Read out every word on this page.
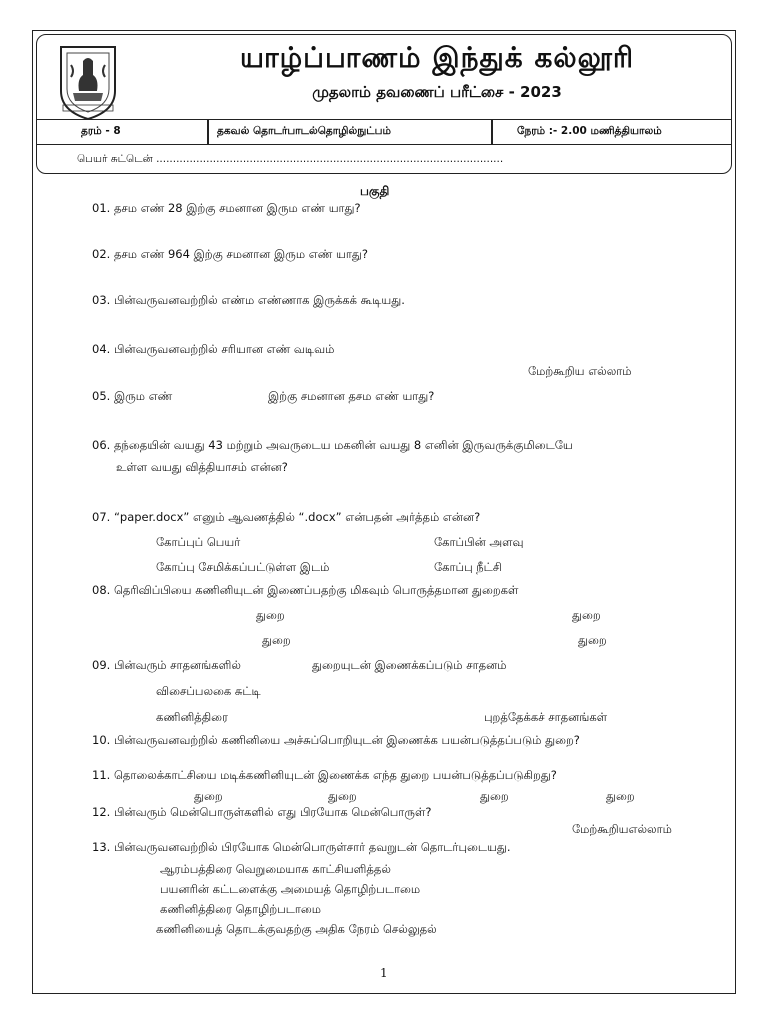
யாழ்ப்பாணம் இந்துக் கல்லூரி
முதலாம் தவணைப் பரீட்சை - 2023
தரம் - 8	தகவல் தொடர்பாடல்தொழில்நுட்பம்	நேரம் :- 2.00 மணித்தியாலம்
பெயர் சுட்டென் ........................................................................................................
பகுதி
01. தசம எண் 28 இற்கு சமனான இரும எண் யாது?
02. தசம எண் 964 இற்கு சமனான இரும எண் யாது?
03. பின்வருவனவற்றில் எண்ம எண்ணாக இருக்கக் கூடியது.
04. பின்வருவனவற்றில் சரியான எண் வடிவம்
மேற்கூறிய எல்லாம்
05. இரும எண்	இற்கு சமனான தசம எண் யாது?
06. தந்தையின் வயது 43 மற்றும் அவருடைய மகனின் வயது 8 எனின் இருவருக்குமிடையே
உள்ள வயது வித்தியாசம் என்ன?
07. “paper.docx” எனும் ஆவணத்தில் “.docx” என்பதன் அர்த்தம் என்ன?
கோப்புப் பெயர்	கோப்பின் அளவு
கோப்பு சேமிக்கப்பட்டுள்ள இடம்	கோப்பு நீட்சி
08. தெரிவிப்பியை கணினியுடன் இணைப்பதற்கு மிகவும் பொருத்தமான துறைகள்
துறை	துறை
துறை	துறை
09. பின்வரும் சாதனங்களில்	துறையுடன் இணைக்கப்படும் சாதனம்
விசைப்பலகை சுட்டி
கணினித்திரை	புறத்தேக்கச் சாதனங்கள்
10. பின்வருவனவற்றில் கணினியை அச்சுப்பொறியுடன் இணைக்க பயன்படுத்தப்படும் துறை?
11. தொலைக்காட்சியை மடிக்கணினியுடன் இணைக்க எந்த துறை பயன்படுத்தப்படுகிறது?
துறை	துறை	துறை	துறை
12. பின்வரும் மென்பொருள்களில் எது பிரயோக மென்பொருள்?
மேற்கூறியஎல்லாம்
13. பின்வருவனவற்றில் பிரயோக மென்பொருள்சார் தவறுடன் தொடர்புடையது.
ஆரம்பத்திரை வெறுமையாக காட்சியளித்தல்
பயனரின் கட்டளைக்கு அமையத் தொழிற்படாமை
கணினித்திரை தொழிற்படாமை
கணினியைத் தொடக்குவதற்கு அதிக நேரம் செல்லுதல்
1
